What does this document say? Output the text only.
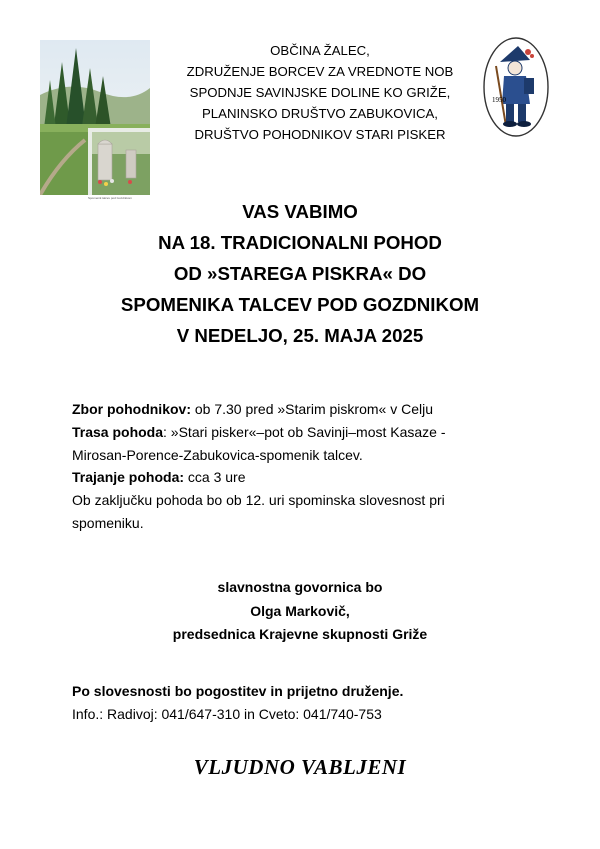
Spomenik talcev pod Gozdnikom
1950
OBČINA ŽALEC,
ZDRUŽENJE BORCEV ZA VREDNOTE NOB
SPODNJE SAVINJSKE DOLINE KO GRIŽE,
PLANINSKO DRUŠTVO ZABUKOVICA,
DRUŠTVO POHODNIKOV STARI PISKER
VAS VABIMO
NA 18. TRADICIONALNI POHOD
OD »STAREGA PISKRA« DO
SPOMENIKA TALCEV POD GOZDNIKOM
V NEDELJO, 25. MAJA 2025

Zbor pohodnikov: ob 7.30 pred »Starim piskrom« v Celju

Trasa pohoda: »Stari pisker«–pot ob Savinji–most Kasaze -

Mirosan-Porence-Zabukovica-spomenik talcev.

Trajanje pohoda: cca 3 ure

Ob zaključku pohoda bo ob 12. uri spominska slovesnost pri

spomeniku.

slavnostna govornica bo
Olga Markovič,
predsednica Krajevne skupnosti Griže

Po slovesnosti bo pogostitev in prijetno druženje.

Info.: Radivoj: 041/647-310 in Cveto: 041/740-753

VLJUDNO VABLJENI
